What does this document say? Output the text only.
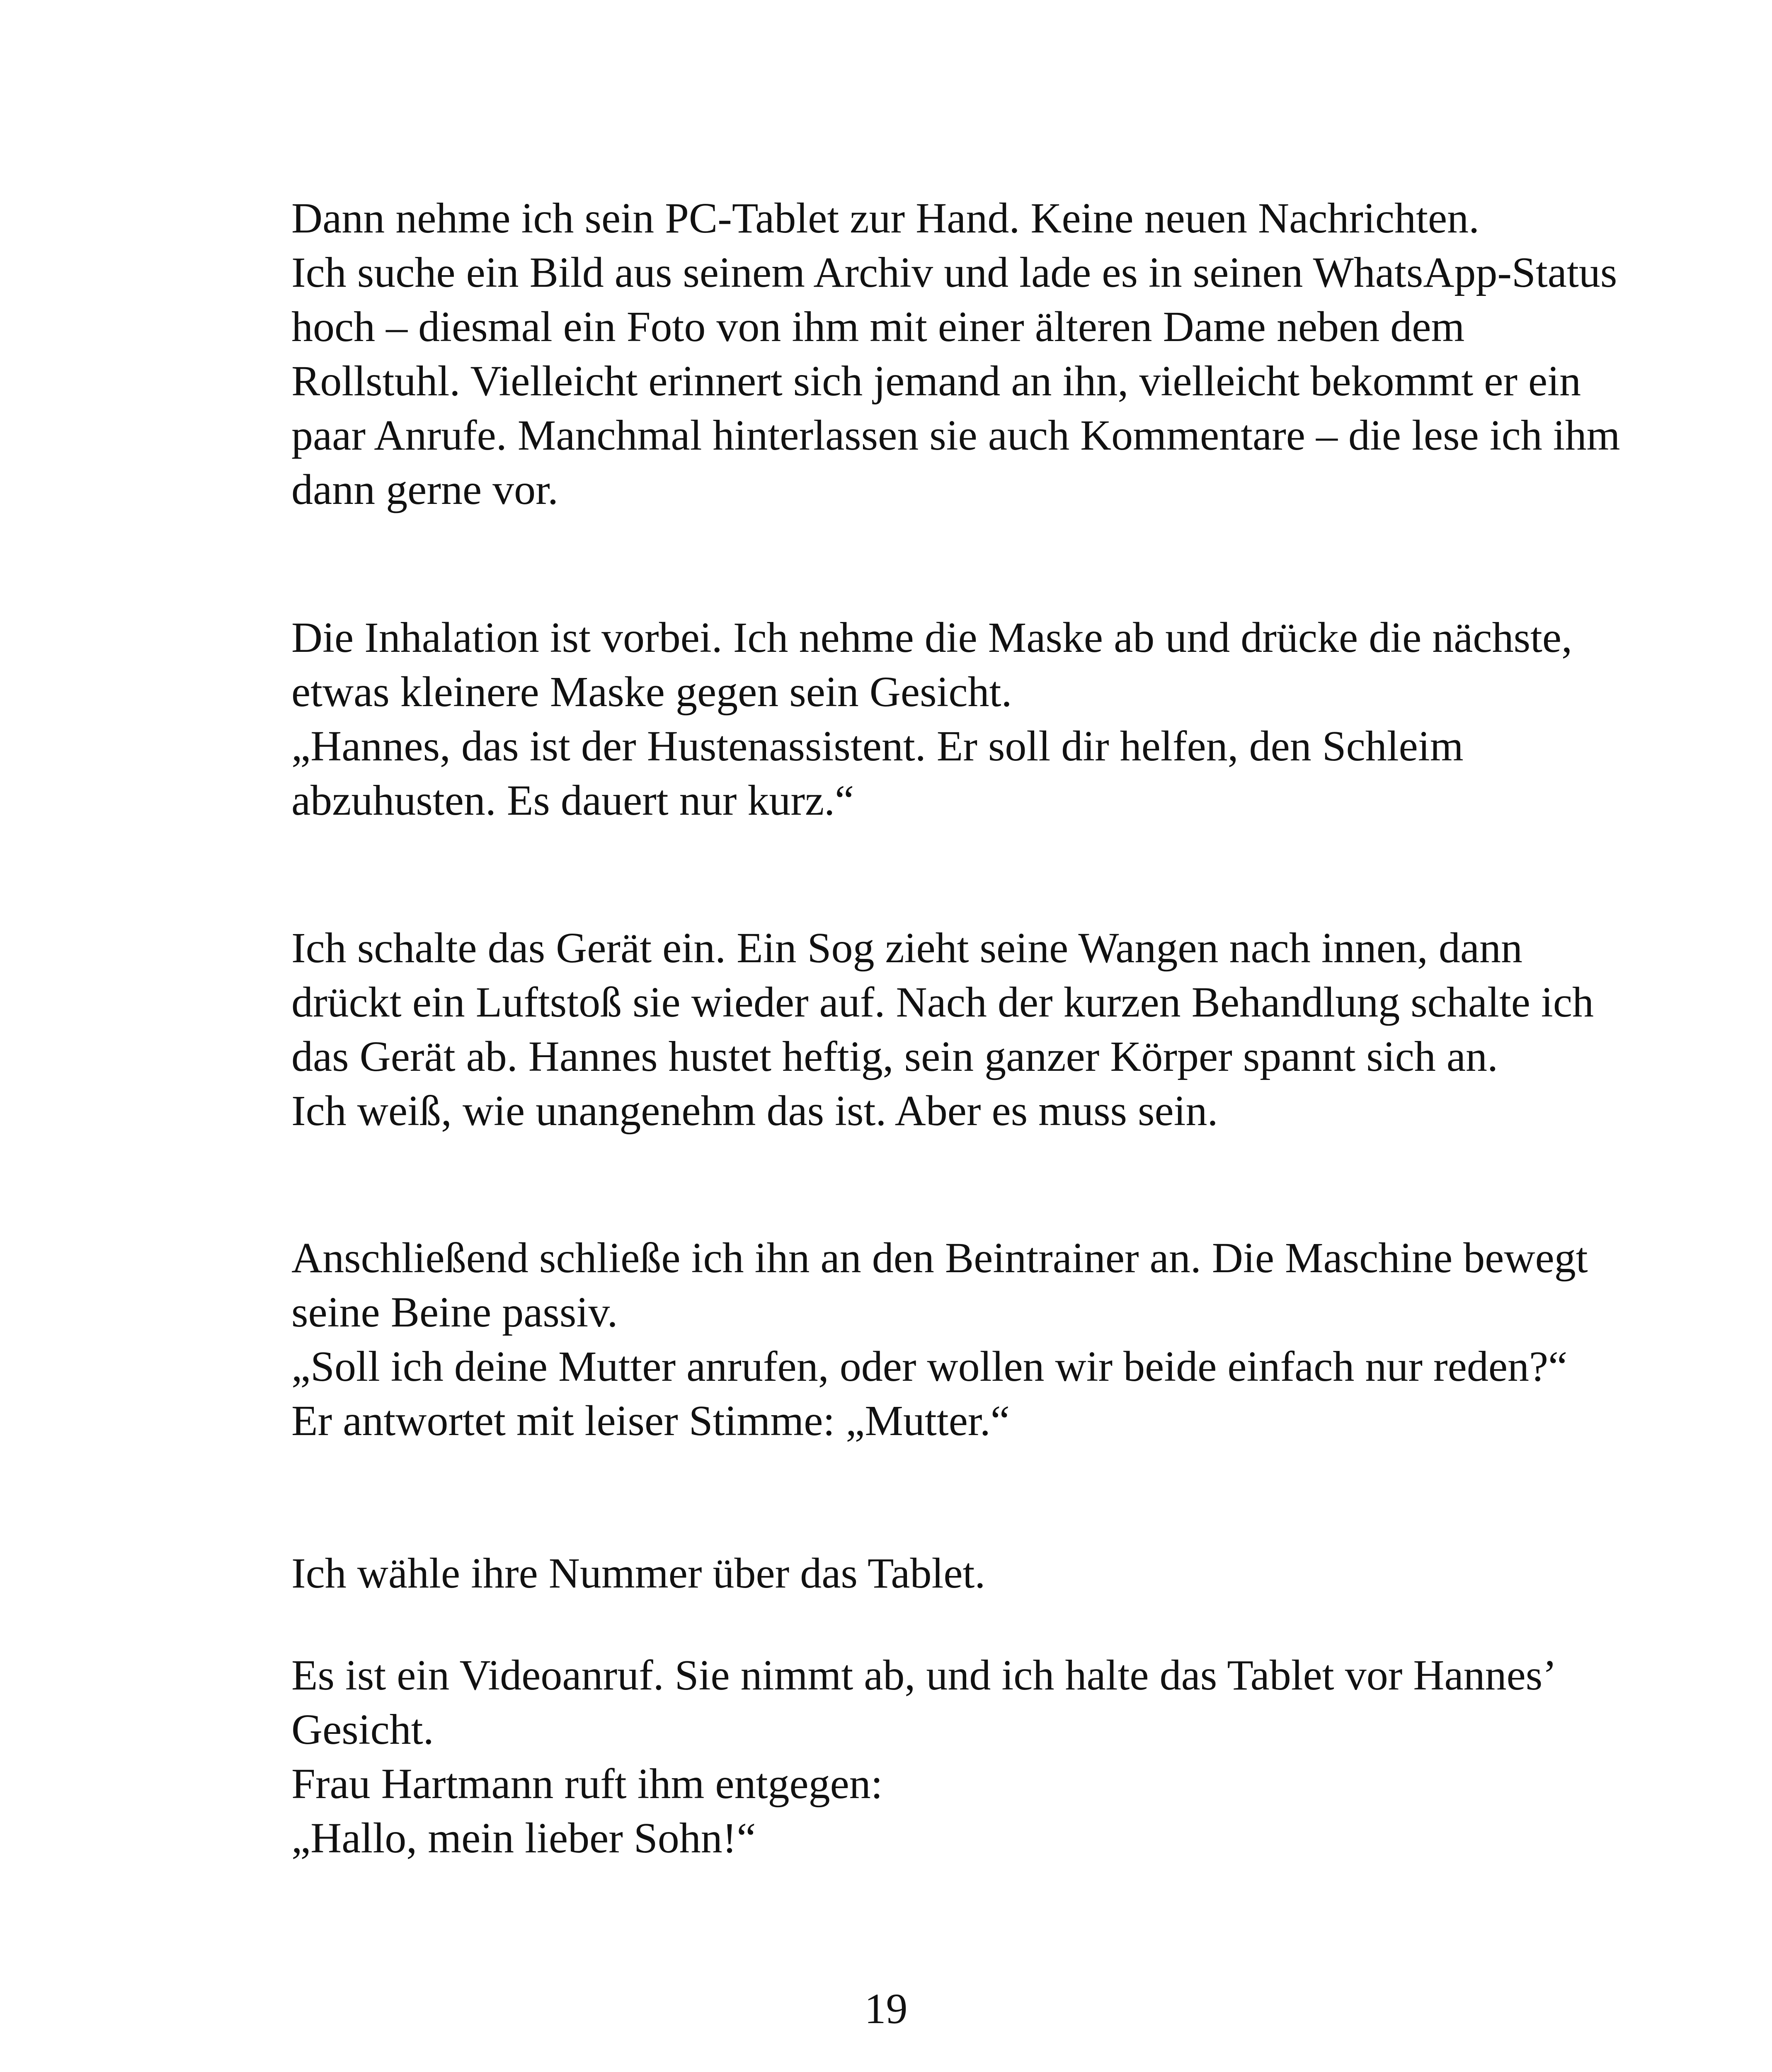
Dann nehme ich sein PC-Tablet zur Hand. Keine neuen Nachrichten.
Ich suche ein Bild aus seinem Archiv und lade es in seinen WhatsApp-Status
hoch – diesmal ein Foto von ihm mit einer älteren Dame neben dem
Rollstuhl. Vielleicht erinnert sich jemand an ihn, vielleicht bekommt er ein
paar Anrufe. Manchmal hinterlassen sie auch Kommentare – die lese ich ihm
dann gerne vor.
Die Inhalation ist vorbei. Ich nehme die Maske ab und drücke die nächste,
etwas kleinere Maske gegen sein Gesicht.
„Hannes, das ist der Hustenassistent. Er soll dir helfen, den Schleim
abzuhusten. Es dauert nur kurz.“
Ich schalte das Gerät ein. Ein Sog zieht seine Wangen nach innen, dann
drückt ein Luftstoß sie wieder auf. Nach der kurzen Behandlung schalte ich
das Gerät ab. Hannes hustet heftig, sein ganzer Körper spannt sich an.
Ich weiß, wie unangenehm das ist. Aber es muss sein.
Anschließend schließe ich ihn an den Beintrainer an. Die Maschine bewegt
seine Beine passiv.
„Soll ich deine Mutter anrufen, oder wollen wir beide einfach nur reden?“
Er antwortet mit leiser Stimme: „Mutter.“
Ich wähle ihre Nummer über das Tablet.
Es ist ein Videoanruf. Sie nimmt ab, und ich halte das Tablet vor Hannes’
Gesicht.
Frau Hartmann ruft ihm entgegen:
„Hallo, mein lieber Sohn!“
19
